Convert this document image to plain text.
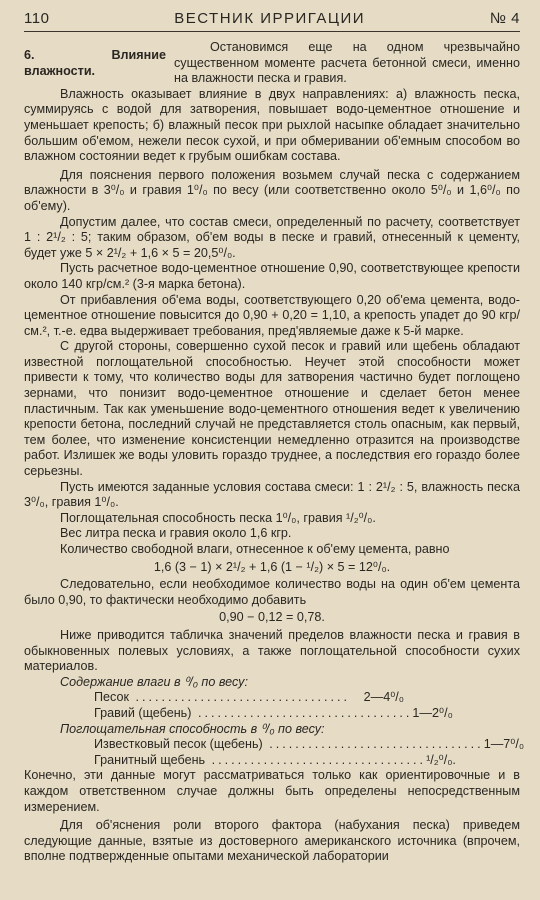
110	ВЕСТНИК ИРРИГАЦИИ	№ 4
6. Влияние влажности.

Остановимся еще на одном чрезвычайно существенном моменте расчета бетонной смеси, именно на влажности песка и гравия.

Влажность оказывает влияние в двух направлениях: а) влажность песка, суммируясь с водой для затворения, повышает водо-цементное отношение и уменьшает крепость; б) влажный песок при рыхлой насыпке обладает значительно большим об'емом, нежели песок сухой, и при обмеривании об'емным способом во влажном состоянии ведет к грубым ошибкам состава.

Для пояснения первого положения возьмем случай песка с содержанием влажности в 3⁰/₀ и гравия 1⁰/₀ по весу (или соответственно около 5⁰/₀ и 1,6⁰/₀ по об'ему).

Допустим далее, что состав смеси, определенный по расчету, соответствует 1 : 2¹/₂ : 5; таким образом, об'ем воды в песке и гравий, отнесенный к цементу, будет уже 5 × 2¹/₂ + 1,6 × 5 = 20,5⁰/₀.

Пусть расчетное водо-цементное отношение 0,90, соответствующее крепости около 140 кгр/см.² (3-я марка бетона).

От прибавления об'ема воды, соответствующего 0,20 об'ема цемента, водо-цементное отношение повысится до 0,90 + 0,20 = 1,10, а крепость упадет до 90 кгр/см.², т.-е. едва выдерживает требования, пред'являемые даже к 5-й марке.

С другой стороны, совершенно сухой песок и гравий или щебень обладают известной поглощательной способностью. Неучет этой способности может привести к тому, что количество воды для затворения частично будет поглощено зернами, что понизит водо-цементное отношение и сделает бетон менее пластичным. Так как уменьшение водо-цементного отношения ведет к увеличению крепости бетона, последний случай не представляется столь опасным, как первый, тем более, что изменение консистенции немедленно отразится на производстве работ. Излишек же воды уловить гораздо труднее, а последствия его гораздо более серьезны.

Пусть имеются заданные условия состава смеси: 1 : 2¹/₂ : 5, влажность песка 3⁰/₀, гравия 1⁰/₀.

Поглощательная способность песка 1⁰/₀, гравия ¹/₂⁰/₀.

Вес литра песка и гравия около 1,6 кгр.

Количество свободной влаги, отнесенное к об'ему цемента, равно

1,6 (3 − 1) × 2¹/₂ + 1,6 (1 − ¹/₂) × 5 = 12⁰/₀.

Следовательно, если необходимое количество воды на один об'ем цемента было 0,90, то фактически необходимо добавить

0,90 − 0,12 = 0,78.

Ниже приводится табличка значений пределов влажности песка и гравия в обыкновенных полевых условиях, а также поглощательной способности сухих материалов.

Содержание влаги в ⁰/₀ по весу:
Песок .................................	2—4⁰/₀
Гравий (щебень) ................................. 1—2⁰/₀
Поглощательная способность в ⁰/₀ по весу:
Известковый песок (щебень) ................................. 1—7⁰/₀
Гранитный щебень ................................. ¹/₂⁰/₀.

Конечно, эти данные могут рассматриваться только как ориентировочные и в каждом ответственном случае должны быть определены непосредственным измерением.

Для об'яснения роли второго фактора (набухания песка) приведем следующие данные, взятые из достоверного американского источника (впрочем, вполне подтвержденные опытами механической лаборатории
